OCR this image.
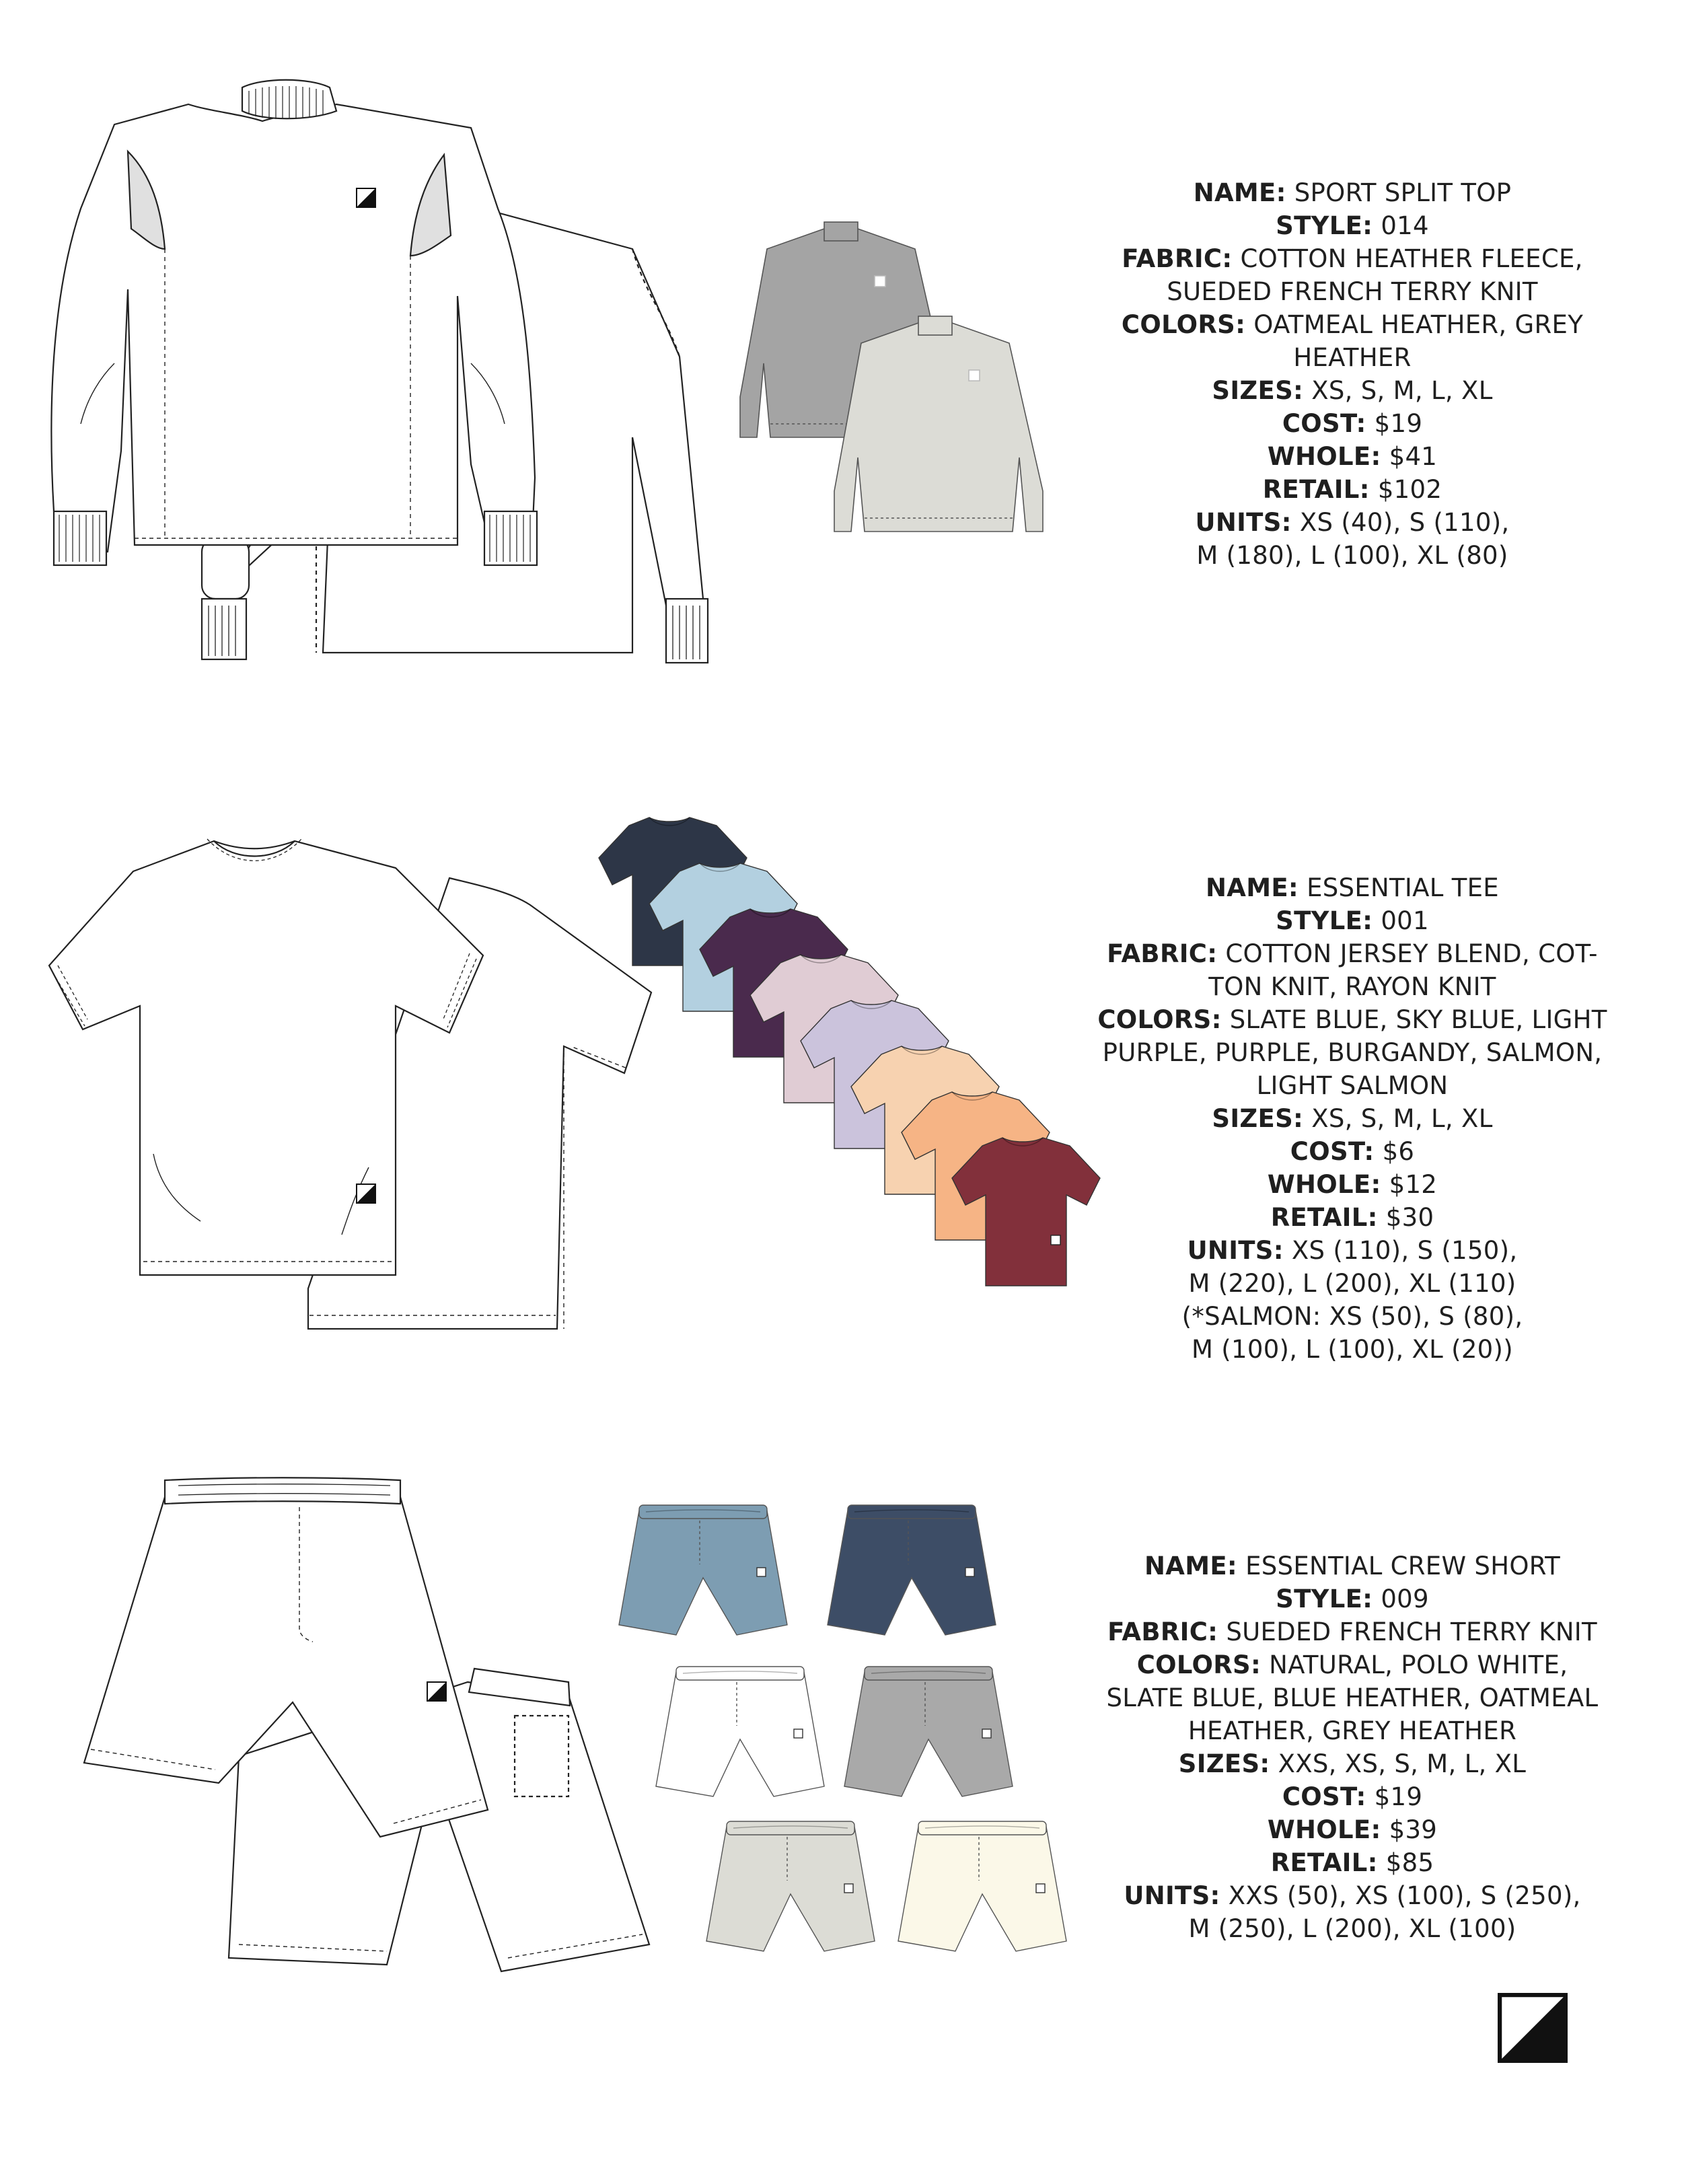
NAME: SPORT SPLIT TOP
STYLE: 014
FABRIC: COTTON HEATHER FLEECE,
SUEDED FRENCH TERRY KNIT
COLORS: OATMEAL HEATHER, GREY
HEATHER
SIZES: XS, S, M, L, XL
COST: $19
WHOLE: $41
RETAIL: $102
UNITS: XS (40), S (110),
M (180), L (100), XL (80)
NAME: ESSENTIAL TEE
STYLE: 001
FABRIC: COTTON JERSEY BLEND, COT-
TON KNIT, RAYON KNIT
COLORS: SLATE BLUE, SKY BLUE, LIGHT
PURPLE, PURPLE, BURGANDY, SALMON,
LIGHT SALMON
SIZES: XS, S, M, L, XL
COST: $6
WHOLE: $12
RETAIL: $30
UNITS: XS (110), S (150),
M (220), L (200), XL (110)
(*SALMON: XS (50), S (80),
M (100), L (100), XL (20))
NAME: ESSENTIAL CREW SHORT
STYLE: 009
FABRIC: SUEDED FRENCH TERRY KNIT
COLORS: NATURAL, POLO WHITE,
SLATE BLUE, BLUE HEATHER, OATMEAL
HEATHER, GREY HEATHER
SIZES: XXS, XS, S, M, L, XL
COST: $19
WHOLE: $39
RETAIL: $85
UNITS: XXS (50), XS (100), S (250),
M (250), L (200), XL (100)
